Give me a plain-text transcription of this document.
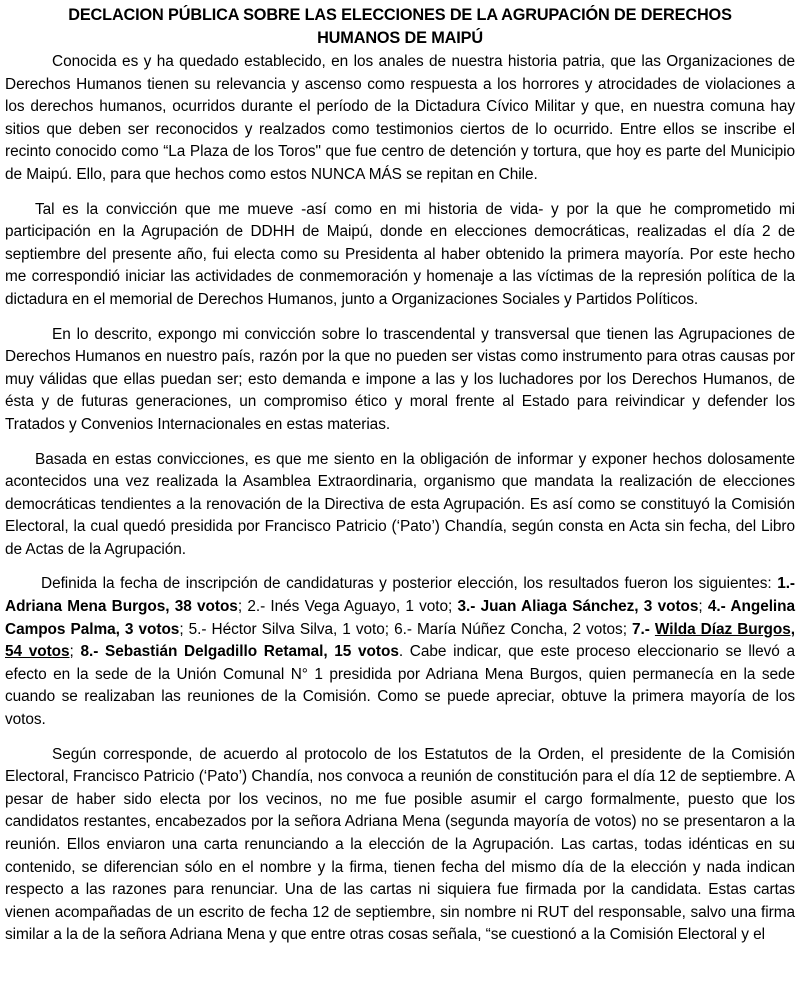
DECLACION PÚBLICA SOBRE LAS ELECCIONES DE LA AGRUPACIÓN DE DERECHOS HUMANOS DE MAIPÚ

Conocida es y ha quedado establecido, en los anales de nuestra historia patria, que las Organizaciones de Derechos Humanos tienen su relevancia y ascenso como respuesta a los horrores y atrocidades de violaciones a los derechos humanos, ocurridos durante el período de la Dictadura Cívico Militar y que, en nuestra comuna hay sitios que deben ser reconocidos y realzados como testimonios ciertos de lo ocurrido. Entre ellos se inscribe el recinto conocido como “La Plaza de los Toros" que fue centro de detención y tortura, que hoy es parte del Municipio de Maipú. Ello, para que hechos como estos NUNCA MÁS se repitan en Chile.

Tal es la convicción que me mueve -así como en mi historia de vida- y por la que he comprometido mi participación en la Agrupación de DDHH de Maipú, donde en elecciones democráticas, realizadas el día 2 de septiembre del presente año, fui electa como su Presidenta al haber obtenido la primera mayoría. Por este hecho me correspondió iniciar las actividades de conmemoración y homenaje a las víctimas de la represión política de la dictadura en el memorial de Derechos Humanos, junto a Organizaciones Sociales y Partidos Políticos.

En lo descrito, expongo mi convicción sobre lo trascendental y transversal que tienen las Agrupaciones de Derechos Humanos en nuestro país, razón por la que no pueden ser vistas como instrumento para otras causas por muy válidas que ellas puedan ser; esto demanda e impone a las y los luchadores por los Derechos Humanos, de ésta y de futuras generaciones, un compromiso ético y moral frente al Estado para reivindicar y defender los Tratados y Convenios Internacionales en estas materias.

Basada en estas convicciones, es que me siento en la obligación de informar y exponer hechos dolosamente acontecidos una vez realizada la Asamblea Extraordinaria, organismo que mandata la realización de elecciones democráticas tendientes a la renovación de la Directiva de esta Agrupación. Es así como se constituyó la Comisión Electoral, la cual quedó presidida por Francisco Patricio (‘Pato’) Chandía, según consta en Acta sin fecha, del Libro de Actas de la Agrupación.

Definida la fecha de inscripción de candidaturas y posterior elección, los resultados fueron los siguientes: 1.- Adriana Mena Burgos, 38 votos; 2.- Inés Vega Aguayo, 1 voto; 3.- Juan Aliaga Sánchez, 3 votos; 4.- Angelina Campos Palma, 3 votos; 5.- Héctor Silva Silva, 1 voto; 6.- María Núñez Concha, 2 votos; 7.- Wilda Díaz Burgos, 54 votos; 8.- Sebastián Delgadillo Retamal, 15 votos. Cabe indicar, que este proceso eleccionario se llevó a efecto en la sede de la Unión Comunal N° 1 presidida por Adriana Mena Burgos, quien permanecía en la sede cuando se realizaban las reuniones de la Comisión. Como se puede apreciar, obtuve la primera mayoría de los votos.

Según corresponde, de acuerdo al protocolo de los Estatutos de la Orden, el presidente de la Comisión Electoral, Francisco Patricio (‘Pato’) Chandía, nos convoca a reunión de constitución para el día 12 de septiembre. A pesar de haber sido electa por los vecinos, no me fue posible asumir el cargo formalmente, puesto que los candidatos restantes, encabezados por la señora Adriana Mena (segunda mayoría de votos) no se presentaron a la reunión. Ellos enviaron una carta renunciando a la elección de la Agrupación. Las cartas, todas idénticas en su contenido, se diferencian sólo en el nombre y la firma, tienen fecha del mismo día de la elección y nada indican respecto a las razones para renunciar. Una de las cartas ni siquiera fue firmada por la candidata. Estas cartas vienen acompañadas de un escrito de fecha 12 de septiembre, sin nombre ni RUT del responsable, salvo una firma similar a la de la señora Adriana Mena y que entre otras cosas señala, “se cuestionó a la Comisión Electoral y el
